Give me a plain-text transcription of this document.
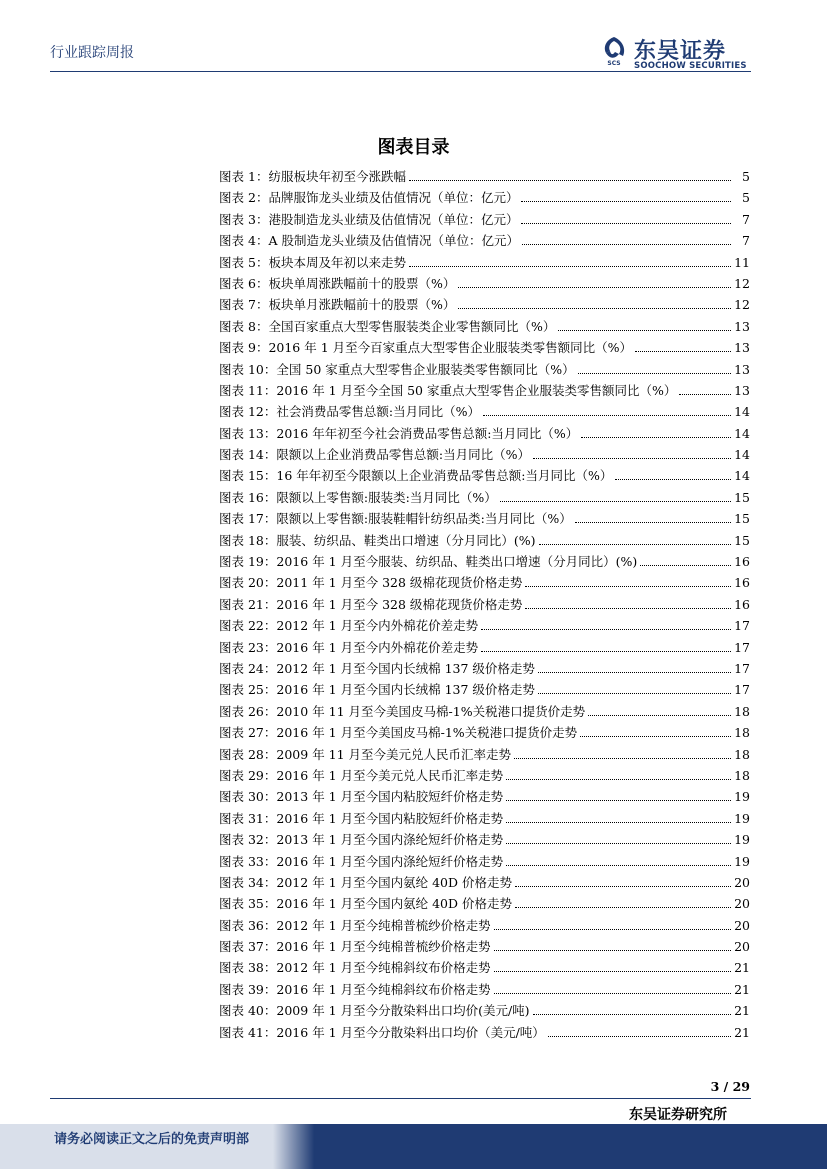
行业跟踪周报
SCS 东吴证券
SOOCHOW SECURITIES
图表目录
图表 1 ： 纺服板块年初至今涨跌幅	5
图表 2 ： 品牌服饰龙头业绩及估值情况（单位：亿元）	5
图表 3 ： 港股制造龙头业绩及估值情况（单位：亿元）	7
图表 4 ： A 股制造龙头业绩及估值情况（单位：亿元）	7
图表 5 ： 板块本周及年初以来走势	11
图表 6 ： 板块单周涨跌幅前十的股票（%）	12
图表 7 ： 板块单月涨跌幅前十的股票（%）	12
图表 8 ： 全国百家重点大型零售服装类企业零售额同比（%）	13
图表 9 ： 2016 年 1 月至今百家重点大型零售企业服装类零售额同比（%）	13
图表 10 ： 全国 50 家重点大型零售企业服装类零售额同比（%）	13
图表 11 ： 2016 年 1 月至今全国 50 家重点大型零售企业服装类零售额同比（%）	13
图表 12 ： 社会消费品零售总额:当月同比（%）	14
图表 13 ： 2016 年年初至今社会消费品零售总额:当月同比（%）	14
图表 14 ： 限额以上企业消费品零售总额:当月同比（%）	14
图表 15 ： 16 年年初至今限额以上企业消费品零售总额:当月同比（%）	14
图表 16 ： 限额以上零售额:服装类:当月同比（%）	15
图表 17 ： 限额以上零售额:服装鞋帽针纺织品类:当月同比（%）	15
图表 18 ： 服装、纺织品、鞋类出口增速（分月同比）(%)	15
图表 19 ： 2016 年 1 月至今服装、纺织品、鞋类出口增速（分月同比）(%)	16
图表 20 ： 2011 年 1 月至今 328 级棉花现货价格走势	16
图表 21 ： 2016 年 1 月至今 328 级棉花现货价格走势	16
图表 22 ： 2012 年 1 月至今内外棉花价差走势	17
图表 23 ： 2016 年 1 月至今内外棉花价差走势	17
图表 24 ： 2012 年 1 月至今国内长绒棉 137 级价格走势	17
图表 25 ： 2016 年 1 月至今国内长绒棉 137 级价格走势	17
图表 26 ： 2010 年 11 月至今美国皮马棉-1%关税港口提货价走势	18
图表 27 ： 2016 年 1 月至今美国皮马棉-1%关税港口提货价走势	18
图表 28 ： 2009 年 11 月至今美元兑人民币汇率走势	18
图表 29 ： 2016 年 1 月至今美元兑人民币汇率走势	18
图表 30 ： 2013 年 1 月至今国内粘胶短纤价格走势	19
图表 31 ： 2016 年 1 月至今国内粘胶短纤价格走势	19
图表 32 ： 2013 年 1 月至今国内涤纶短纤价格走势	19
图表 33 ： 2016 年 1 月至今国内涤纶短纤价格走势	19
图表 34 ： 2012 年 1 月至今国内氨纶 40D 价格走势	20
图表 35 ： 2016 年 1 月至今国内氨纶 40D 价格走势	20
图表 36 ： 2012 年 1 月至今纯棉普梳纱价格走势	20
图表 37 ： 2016 年 1 月至今纯棉普梳纱价格走势	20
图表 38 ： 2012 年 1 月至今纯棉斜纹布价格走势	21
图表 39 ： 2016 年 1 月至今纯棉斜纹布价格走势	21
图表 40 ： 2009 年 1 月至今分散染料出口均价(美元/吨)	21
图表 41 ： 2016 年 1 月至今分散染料出口均价（美元/吨）	21
3 / 29
东吴证券研究所
请务必阅读正文之后的免责声明部
